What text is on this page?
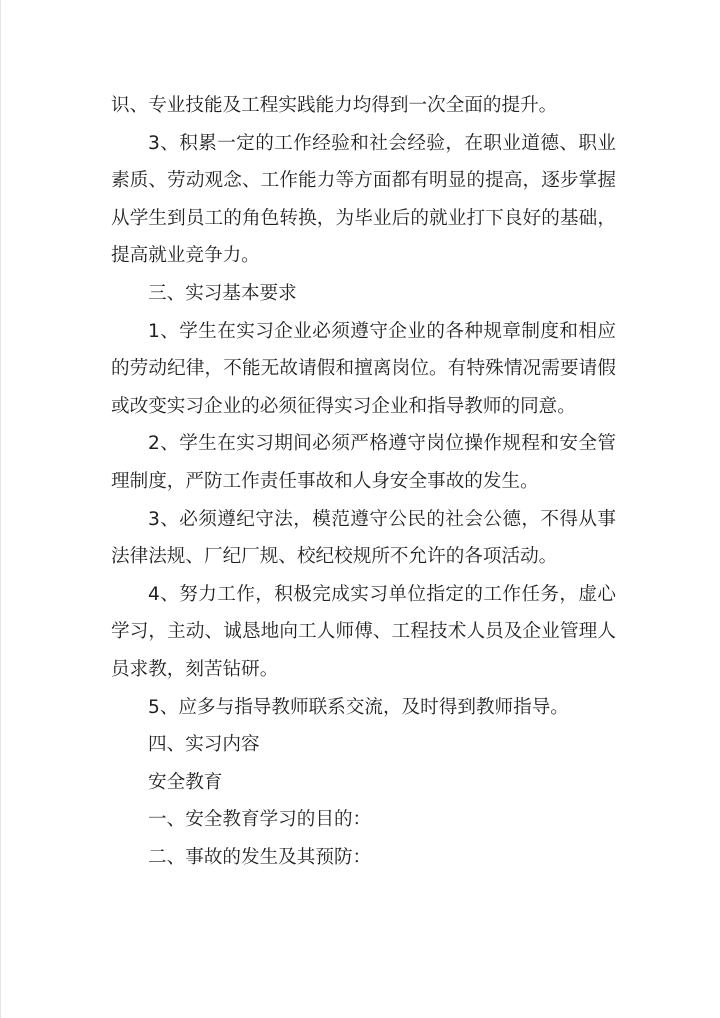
识、专业技能及工程实践能力均得到一次全面的提升。

3、积累一定的工作经验和社会经验，在职业道德、职业素质、劳动观念、工作能力等方面都有明显的提高，逐步掌握从学生到员工的角色转换，为毕业后的就业打下良好的基础，提高就业竞争力。

三、实习基本要求

1、学生在实习企业必须遵守企业的各种规章制度和相应的劳动纪律，不能无故请假和擅离岗位。有特殊情况需要请假或改变实习企业的必须征得实习企业和指导教师的同意。

2、学生在实习期间必须严格遵守岗位操作规程和安全管理制度，严防工作责任事故和人身安全事故的发生。

3、必须遵纪守法，模范遵守公民的社会公德，不得从事法律法规、厂纪厂规、校纪校规所不允许的各项活动。

4、努力工作，积极完成实习单位指定的工作任务，虚心学习，主动、诚恳地向工人师傅、工程技术人员及企业管理人员求教，刻苦钻研。

5、应多与指导教师联系交流，及时得到教师指导。

四、实习内容

安全教育

一、安全教育学习的目的：

二、事故的发生及其预防：
